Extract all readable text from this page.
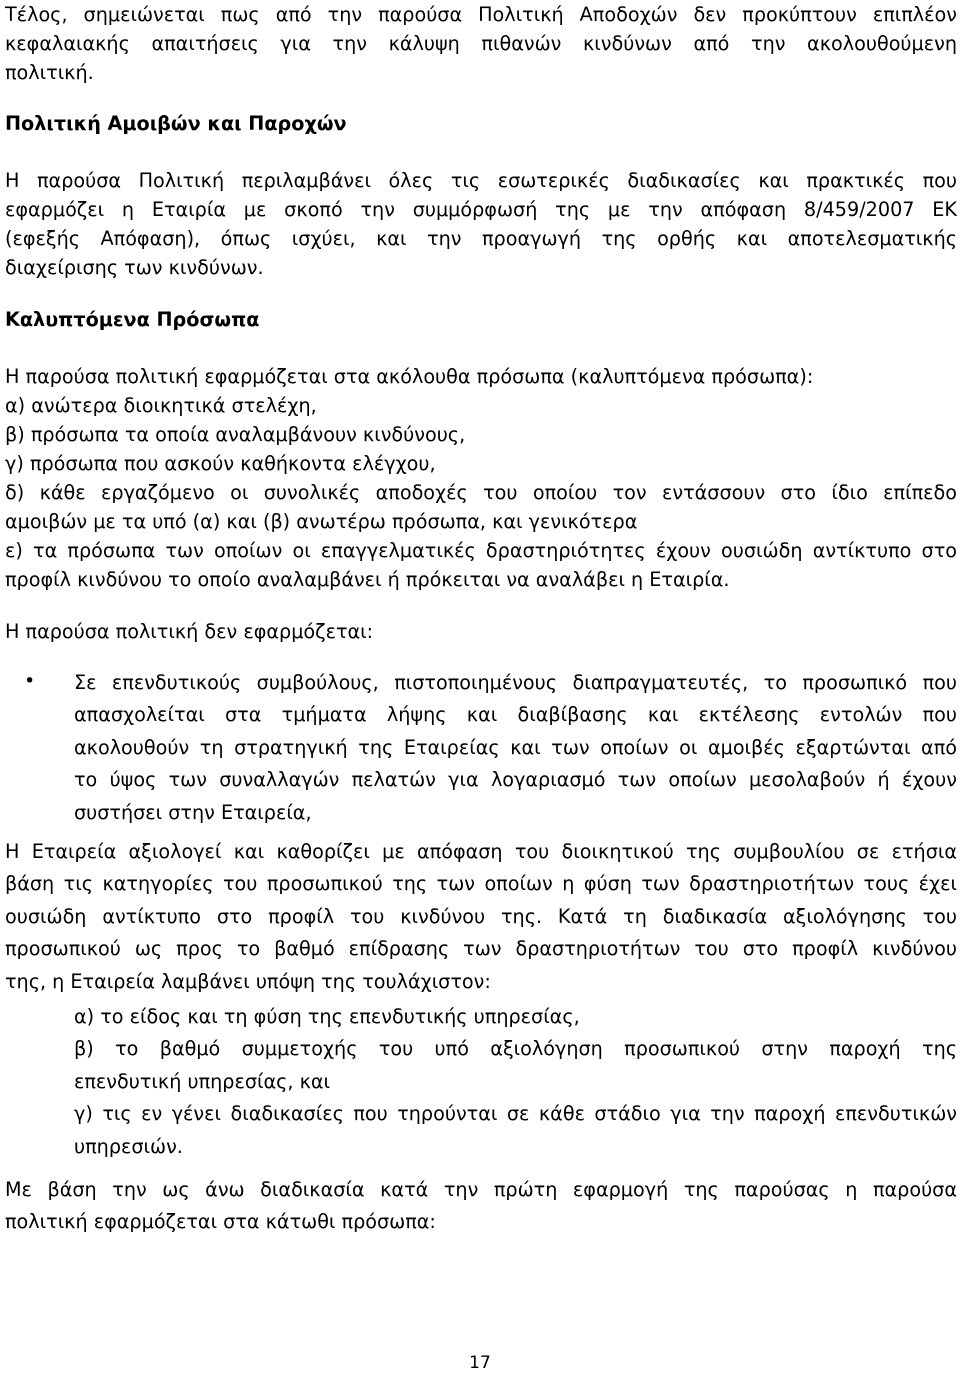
Τέλος, σημειώνεται πως από την παρούσα Πολιτική Αποδοχών δεν προκύπτουν επιπλέον
κεφαλαιακής απαιτήσεις για την κάλυψη πιθανών κινδύνων από την ακολουθούμενη
πολιτική.
Πολιτική Αμοιβών και Παροχών
Η παρούσα Πολιτική περιλαμβάνει όλες τις εσωτερικές διαδικασίες και πρακτικές που
εφαρμόζει η Εταιρία με σκοπό την συμμόρφωσή της με την απόφαση 8/459/2007 ΕΚ
(εφεξής Απόφαση), όπως ισχύει, και την προαγωγή της ορθής και αποτελεσματικής
διαχείρισης των κινδύνων.
Καλυπτόμενα Πρόσωπα
Η παρούσα πολιτική εφαρμόζεται στα ακόλουθα πρόσωπα (καλυπτόμενα πρόσωπα):
α) ανώτερα διοικητικά στελέχη,
β) πρόσωπα τα οποία αναλαμβάνουν κινδύνους,
γ) πρόσωπα που ασκούν καθήκοντα ελέγχου,
δ) κάθε εργαζόμενο οι συνολικές αποδοχές του οποίου τον εντάσσουν στο ίδιο επίπεδο
αμοιβών με τα υπό (α) και (β) ανωτέρω πρόσωπα, και γενικότερα
ε) τα πρόσωπα των οποίων οι επαγγελματικές δραστηριότητες έχουν ουσιώδη αντίκτυπο στο
προφίλ κινδύνου το οποίο αναλαμβάνει ή πρόκειται να αναλάβει η Εταιρία.
Η παρούσα πολιτική δεν εφαρμόζεται:
• Σε επενδυτικούς συμβούλους, πιστοποιημένους διαπραγματευτές, το προσωπικό που
απασχολείται στα τμήματα λήψης και διαβίβασης και εκτέλεσης εντολών που
ακολουθούν τη στρατηγική της Εταιρείας και των οποίων οι αμοιβές εξαρτώνται από
το ύψος των συναλλαγών πελατών για λογαριασμό των οποίων μεσολαβούν ή έχουν
συστήσει στην Εταιρεία,
Η Εταιρεία αξιολογεί και καθορίζει με απόφαση του διοικητικού της συμβουλίου σε ετήσια
βάση τις κατηγορίες του προσωπικού της των οποίων η φύση των δραστηριοτήτων τους έχει
ουσιώδη αντίκτυπο στο προφίλ του κινδύνου της. Κατά τη διαδικασία αξιολόγησης του
προσωπικού ως προς το βαθμό επίδρασης των δραστηριοτήτων του στο προφίλ κινδύνου
της, η Εταιρεία λαμβάνει υπόψη της τουλάχιστον:
α) το είδος και τη φύση της επενδυτικής υπηρεσίας,
β) το βαθμό συμμετοχής του υπό αξιολόγηση προσωπικού στην παροχή της
επενδυτική υπηρεσίας, και
γ) τις εν γένει διαδικασίες που τηρούνται σε κάθε στάδιο για την παροχή επενδυτικών
υπηρεσιών.
Με βάση την ως άνω διαδικασία κατά την πρώτη εφαρμογή της παρούσας η παρούσα
πολιτική εφαρμόζεται στα κάτωθι πρόσωπα:
17
